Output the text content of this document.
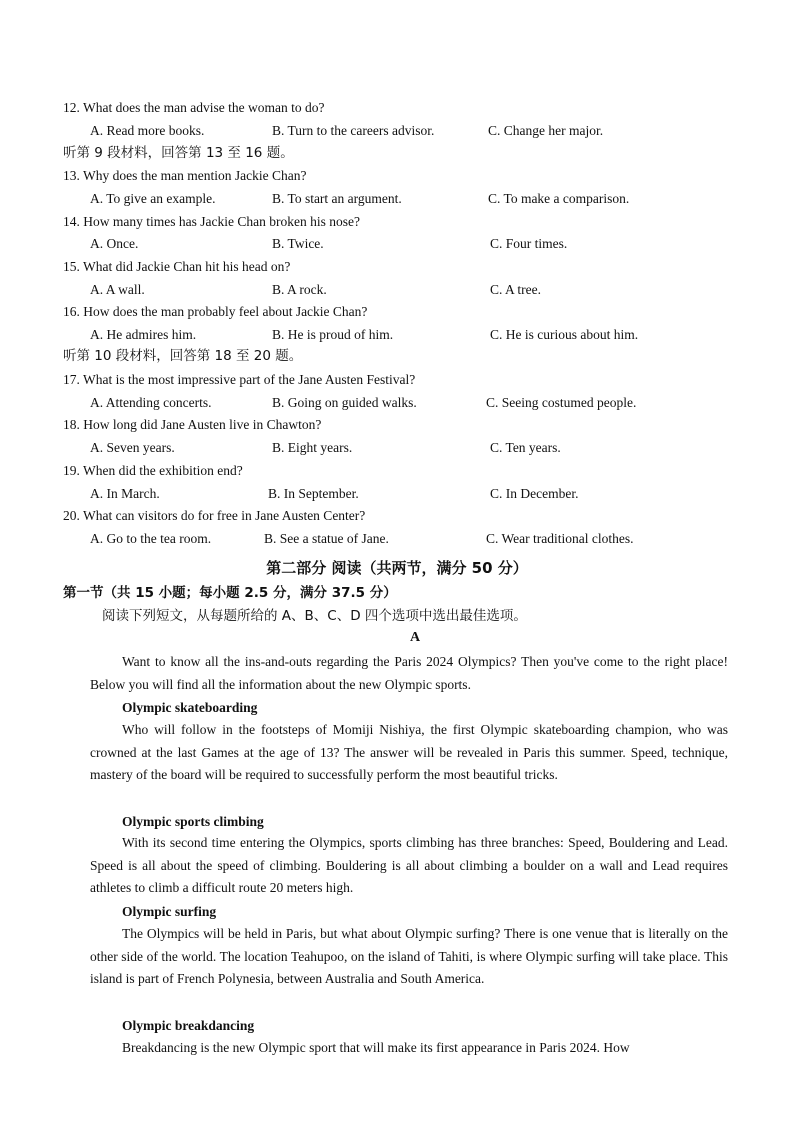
12. What does the man advise the woman to do?
A. Read more books.	B. Turn to the careers advisor.	C. Change her major.
听第 9 段材料，回答第 13 至 16 题。
13. Why does the man mention Jackie Chan?
A. To give an example.	B. To start an argument.	C. To make a comparison.
14. How many times has Jackie Chan broken his nose?
A. Once.	B. Twice.	C. Four times.
15. What did Jackie Chan hit his head on?
A. A wall.	B. A rock.	C. A tree.
16. How does the man probably feel about Jackie Chan?
A. He admires him.	B. He is proud of him.	C. He is curious about him.
听第 10 段材料，回答第 18 至 20 题。
17. What is the most impressive part of the Jane Austen Festival?
A. Attending concerts.	B. Going on guided walks.	C. Seeing costumed people.
18. How long did Jane Austen live in Chawton?
A. Seven years.	B. Eight years.	C. Ten years.
19. When did the exhibition end?
A. In March.	B. In September.	C. In December.
20. What can visitors do for free in Jane Austen Center?
A. Go to the tea room.	B. See a statue of Jane.	C. Wear traditional clothes.
第二部分 阅读（共两节，满分 50 分）
第一节（共 15 小题；每小题 2.5 分，满分 37.5 分）
阅读下列短文，从每题所给的 A、B、C、D 四个选项中选出最佳选项。
A
Want to know all the ins-and-outs regarding the Paris 2024 Olympics? Then you've come to the right place! Below you will find all the information about the new Olympic sports.
Olympic skateboarding
Who will follow in the footsteps of Momiji Nishiya, the first Olympic skateboarding champion, who was crowned at the last Games at the age of 13? The answer will be revealed in Paris this summer. Speed, technique, mastery of the board will be required to successfully perform the most beautiful tricks.
Olympic sports climbing
With its second time entering the Olympics, sports climbing has three branches: Speed, Bouldering and Lead. Speed is all about the speed of climbing. Bouldering is all about climbing a boulder on a wall and Lead requires athletes to climb a difficult route 20 meters high.
Olympic surfing
The Olympics will be held in Paris, but what about Olympic surfing? There is one venue that is literally on the other side of the world. The location Teahupoo, on the island of Tahiti, is where Olympic surfing will take place. This island is part of French Polynesia, between Australia and South America.
Olympic breakdancing
Breakdancing is the new Olympic sport that will make its first appearance in Paris 2024. How
